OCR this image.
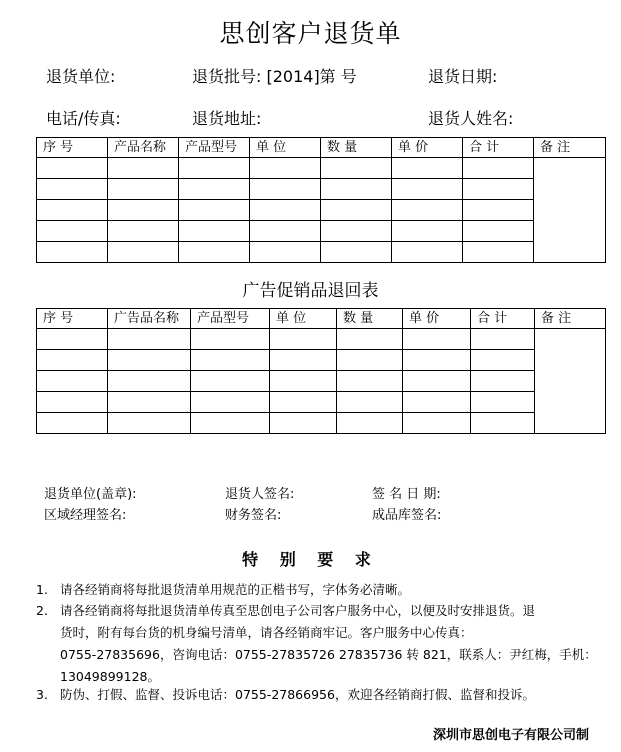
思创客户退货单
退货单位:	退货批号: [2014]第 号	退货日期:
电话/传真:	退货地址:	退货人姓名:
序 号	产品名称	产品型号	单 位	数 量	单 价	合 计	备 注

广告促销品退回表
序 号	广告品名称	产品型号	单 位	数 量	单 价	合 计	备 注

退货单位(盖章):	退货人签名:	签 名 日 期:
区域经理签名:	财务签名:	成品库签名:
特 别 要 求
1. 请各经销商将每批退货清单用规范的正楷书写，字体务必清晰。
2. 请各经销商将每批退货清单传真至思创电子公司客户服务中心，以便及时安排退货。退
货时，附有每台货的机身编号清单，请各经销商牢记。客户服务中心传真：
0755-27835696，咨询电话：0755-27835726 27835736 转 821，联系人：尹红梅，手机：
13049899128。
3. 防伪、打假、监督、投诉电话：0755-27866956，欢迎各经销商打假、监督和投诉。
深圳市思创电子有限公司制
